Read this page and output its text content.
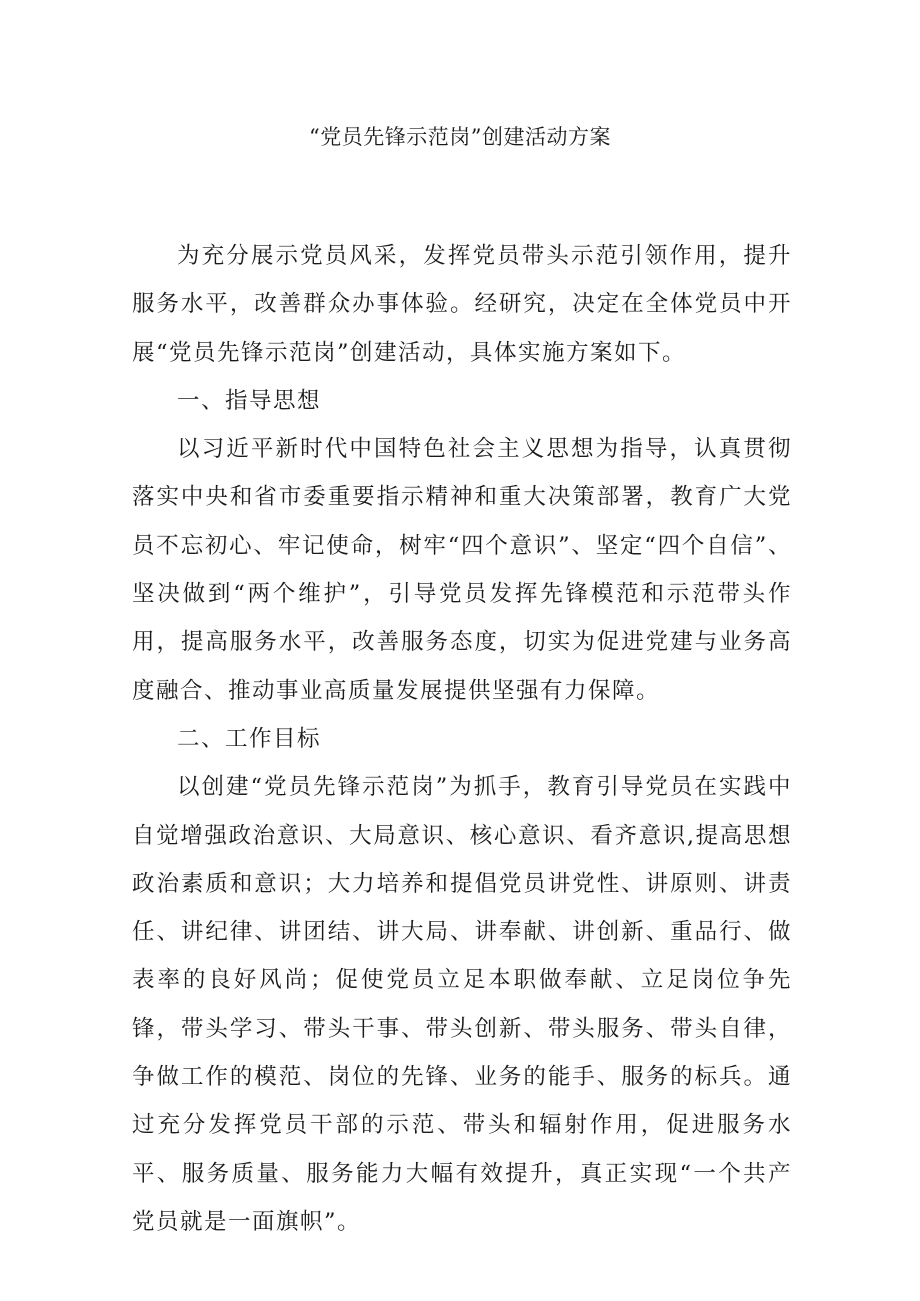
“党员先锋示范岗”创建活动方案

为充分展示党员风采，发挥党员带头示范引领作用，提升服务水平，改善群众办事体验。经研究，决定在全体党员中开展“党员先锋示范岗”创建活动，具体实施方案如下。

一、指导思想

以习近平新时代中国特色社会主义思想为指导，认真贯彻落实中央和省市委重要指示精神和重大决策部署，教育广大党员不忘初心、牢记使命，树牢“四个意识”、坚定“四个自信”、坚决做到“两个维护”，引导党员发挥先锋模范和示范带头作用，提高服务水平，改善服务态度，切实为促进党建与业务高度融合、推动事业高质量发展提供坚强有力保障。

二、工作目标

以创建“党员先锋示范岗”为抓手，教育引导党员在实践中自觉增强政治意识、大局意识、核心意识、看齐意识,提高思想政治素质和意识；大力培养和提倡党员讲党性、讲原则、讲责任、讲纪律、讲团结、讲大局、讲奉献、讲创新、重品行、做表率的良好风尚；促使党员立足本职做奉献、立足岗位争先锋，带头学习、带头干事、带头创新、带头服务、带头自律，争做工作的模范、岗位的先锋、业务的能手、服务的标兵。通过充分发挥党员干部的示范、带头和辐射作用，促进服务水平、服务质量、服务能力大幅有效提升，真正实现“一个共产党员就是一面旗帜”。
